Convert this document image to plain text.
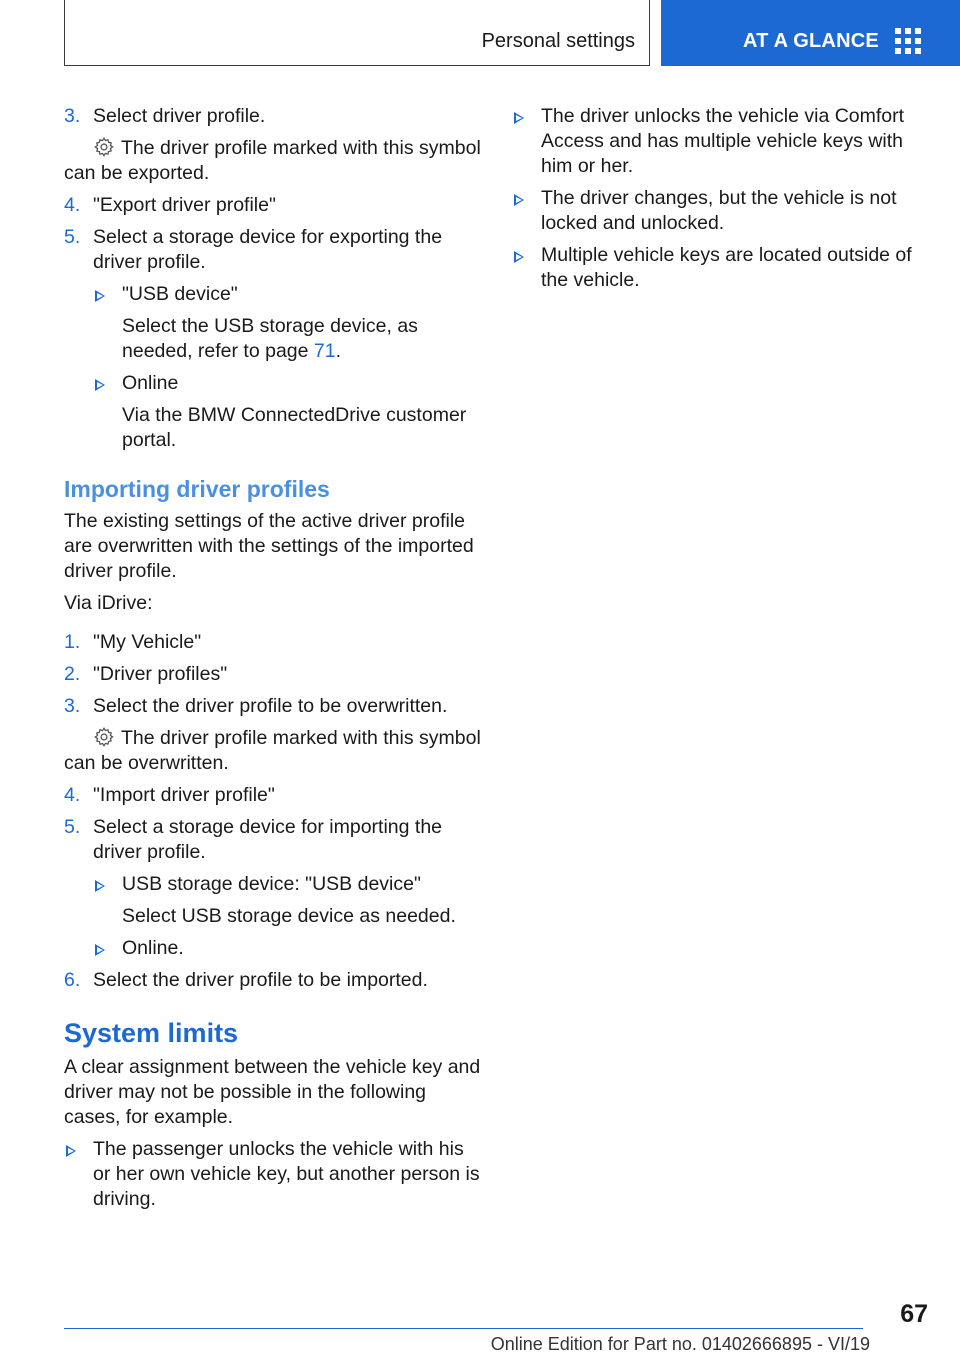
Personal settings	AT A GLANCE
3. Select driver profile.
The driver profile marked with this symbol can be exported.
4. "Export driver profile"
5. Select a storage device for exporting the driver profile.
"USB device"
Select the USB storage device, as needed, refer to page 71.
Online
Via the BMW ConnectedDrive customer portal.
Importing driver profiles
The existing settings of the active driver profile are overwritten with the settings of the imported driver profile.
Via iDrive:
1. "My Vehicle"
2. "Driver profiles"
3. Select the driver profile to be overwritten.
The driver profile marked with this symbol can be overwritten.
4. "Import driver profile"
5. Select a storage device for importing the driver profile.
USB storage device: "USB device"
Select USB storage device as needed.
Online.
6. Select the driver profile to be imported.
System limits
A clear assignment between the vehicle key and driver may not be possible in the following cases, for example.
The passenger unlocks the vehicle with his or her own vehicle key, but another person is driving.
The driver unlocks the vehicle via Comfort Access and has multiple vehicle keys with him or her.
The driver changes, but the vehicle is not locked and unlocked.
Multiple vehicle keys are located outside of the vehicle.
67
Online Edition for Part no. 01402666895 - VI/19
